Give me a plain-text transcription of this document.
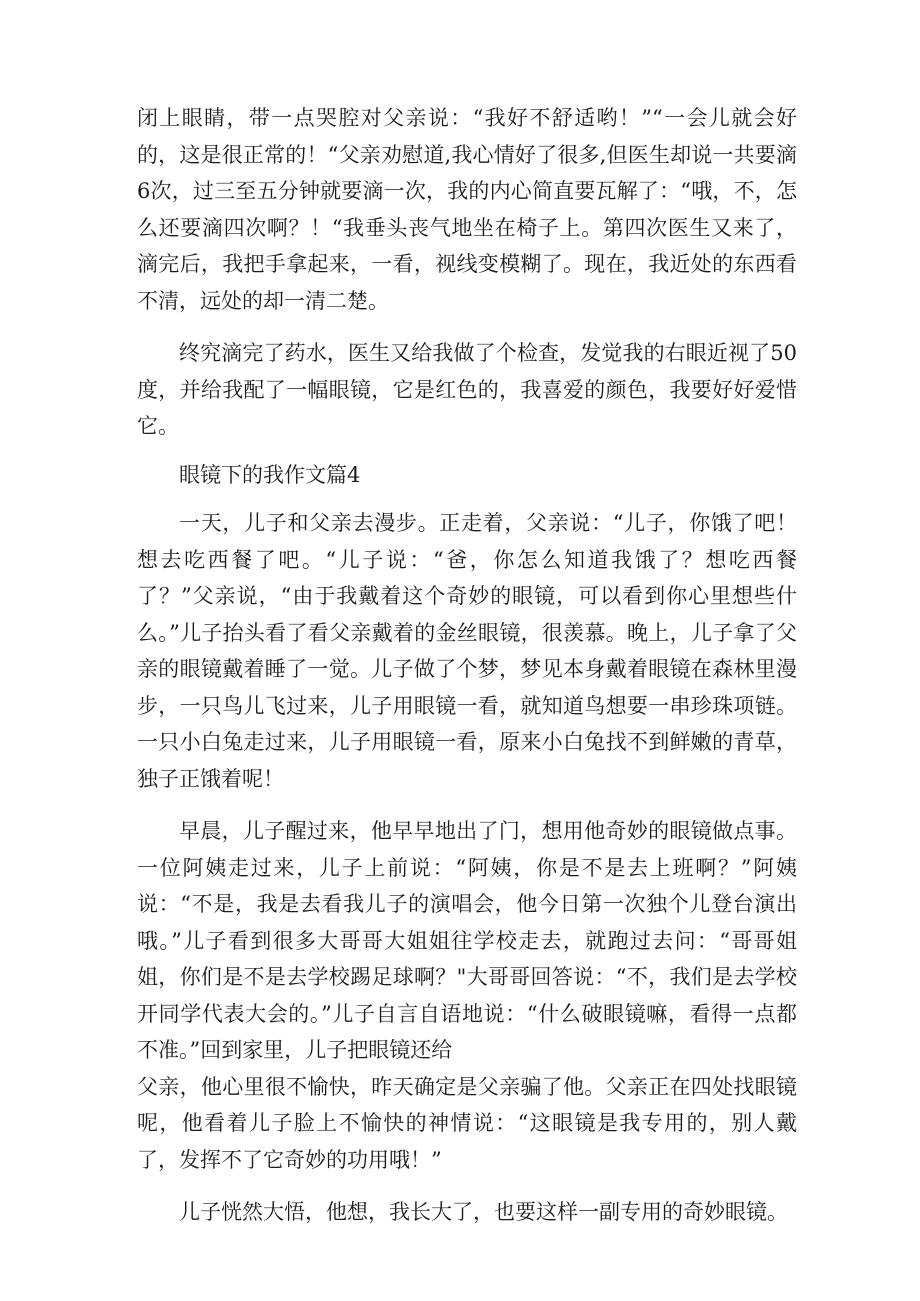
闭上眼睛，带一点哭腔对父亲说：“我好不舒适哟！”“一会儿就会好的，这是很正常的！“父亲劝慰道,我心情好了很多,但医生却说一共要滴6次，过三至五分钟就要滴一次，我的内心简直要瓦解了：“哦，不，怎么还要滴四次啊？！“我垂头丧气地坐在椅子上。第四次医生又来了，滴完后，我把手拿起来，一看，视线变模糊了。现在，我近处的东西看不清，远处的却一清二楚。

终究滴完了药水，医生又给我做了个检查，发觉我的右眼近视了50度，并给我配了一幅眼镜，它是红色的，我喜爱的颜色，我要好好爱惜它。

眼镜下的我作文篇4

一天，儿子和父亲去漫步。正走着，父亲说：“儿子，你饿了吧！想去吃西餐了吧。“儿子说：“爸，你怎么知道我饿了？想吃西餐了？”父亲说，“由于我戴着这个奇妙的眼镜，可以看到你心里想些什么。”儿子抬头看了看父亲戴着的金丝眼镜，很羡慕。晚上，儿子拿了父亲的眼镜戴着睡了一觉。儿子做了个梦，梦见本身戴着眼镜在森林里漫步，一只鸟儿飞过来，儿子用眼镜一看，就知道鸟想要一串珍珠项链。一只小白兔走过来，儿子用眼镜一看，原来小白兔找不到鲜嫩的青草，独子正饿着呢！

早晨，儿子醒过来，他早早地出了门，想用他奇妙的眼镜做点事。一位阿姨走过来，儿子上前说：“阿姨，你是不是去上班啊？”阿姨说：“不是，我是去看我儿子的演唱会，他今日第一次独个儿登台演出哦。”儿子看到很多大哥哥大姐姐往学校走去，就跑过去问：“哥哥姐姐，你们是不是去学校踢足球啊？"大哥哥回答说：“不，我们是去学校开同学代表大会的。”儿子自言自语地说：“什么破眼镜嘛，看得一点都不准。”回到家里，儿子把眼镜还给

父亲，他心里很不愉快，昨天确定是父亲骗了他。父亲正在四处找眼镜呢，他看着儿子脸上不愉快的神情说：“这眼镜是我专用的，别人戴了，发挥不了它奇妙的功用哦！”

儿子恍然大悟，他想，我长大了，也要这样一副专用的奇妙眼镜。
